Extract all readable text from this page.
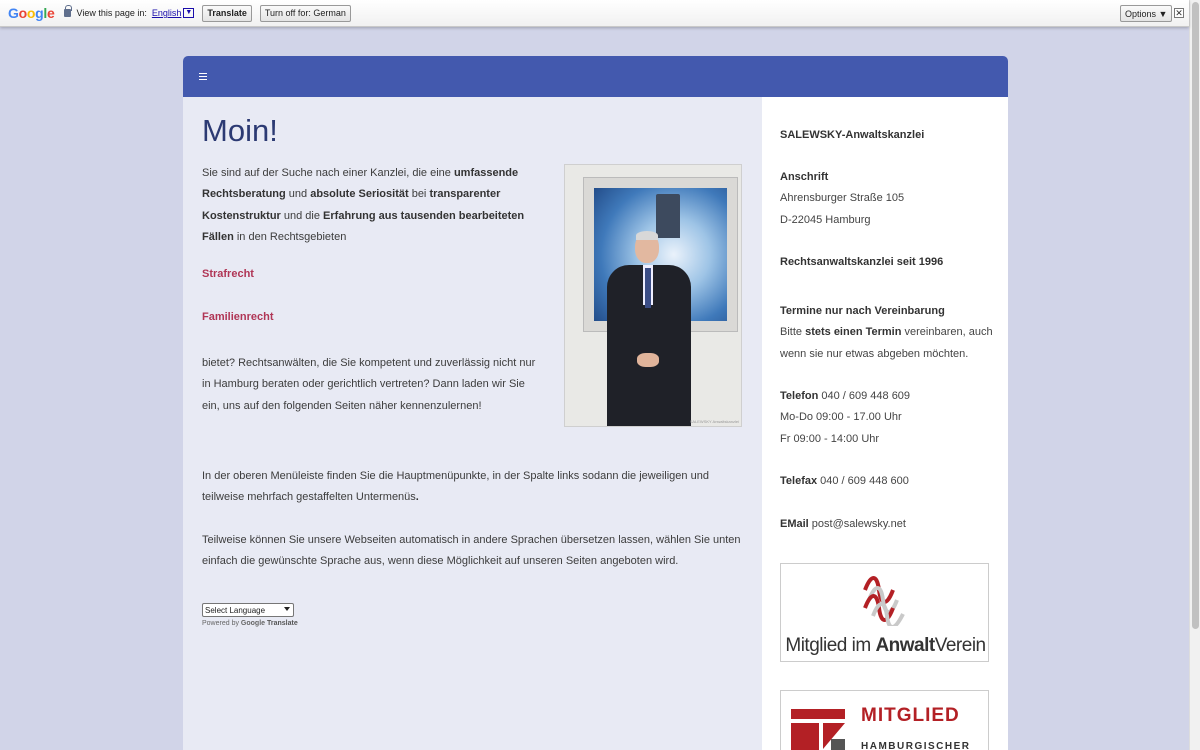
Google View this page in: English ▼	Translate	Turn off for: German	Options ▼ ✕
Moin!

Sie sind auf der Suche nach einer Kanzlei, die eine umfassende Rechtsberatung und absolute Seriosität bei transparenter Kostenstruktur und die Erfahrung aus tausenden bearbeiteten Fällen in den Rechtsgebieten

Strafrecht
Familienrecht

bietet? Rechtsanwälten, die Sie kompetent und zuverlässig nicht nur in Hamburg beraten oder gerichtlich vertreten? Dann laden wir Sie ein, uns auf den folgenden Seiten näher kennenzulernen!

SALEWSKY Anwaltskanzlei

In der oberen Menüleiste finden Sie die Hauptmenüpunkte, in der Spalte links sodann die jeweiligen und teilweise mehrfach gestaffelten Untermenüs.

Teilweise können Sie unsere Webseiten automatisch in andere Sprachen übersetzen lassen, wählen Sie unten einfach die gewünschte Sprache aus, wenn diese Möglichkeit auf unseren Seiten angeboten wird.

Select Language
Powered by Google Translate
SALEWSKY-Anwaltskanzlei
Anschrift
Ahrensburger Straße 105
D-22045 Hamburg
Rechtsanwaltskanzlei seit 1996
Termine nur nach Vereinbarung
Bitte stets einen Termin vereinbaren, auch wenn sie nur etwas abgeben möchten.
Telefon 040 / 609 448 609
Mo-Do 09:00 - 17.00 Uhr
Fr 09:00 - 14:00 Uhr
Telefax 040 / 609 448 600
EMail post@salewsky.net
Mitglied im AnwaltVerein
MITGLIED
HAMBURGISCHER
